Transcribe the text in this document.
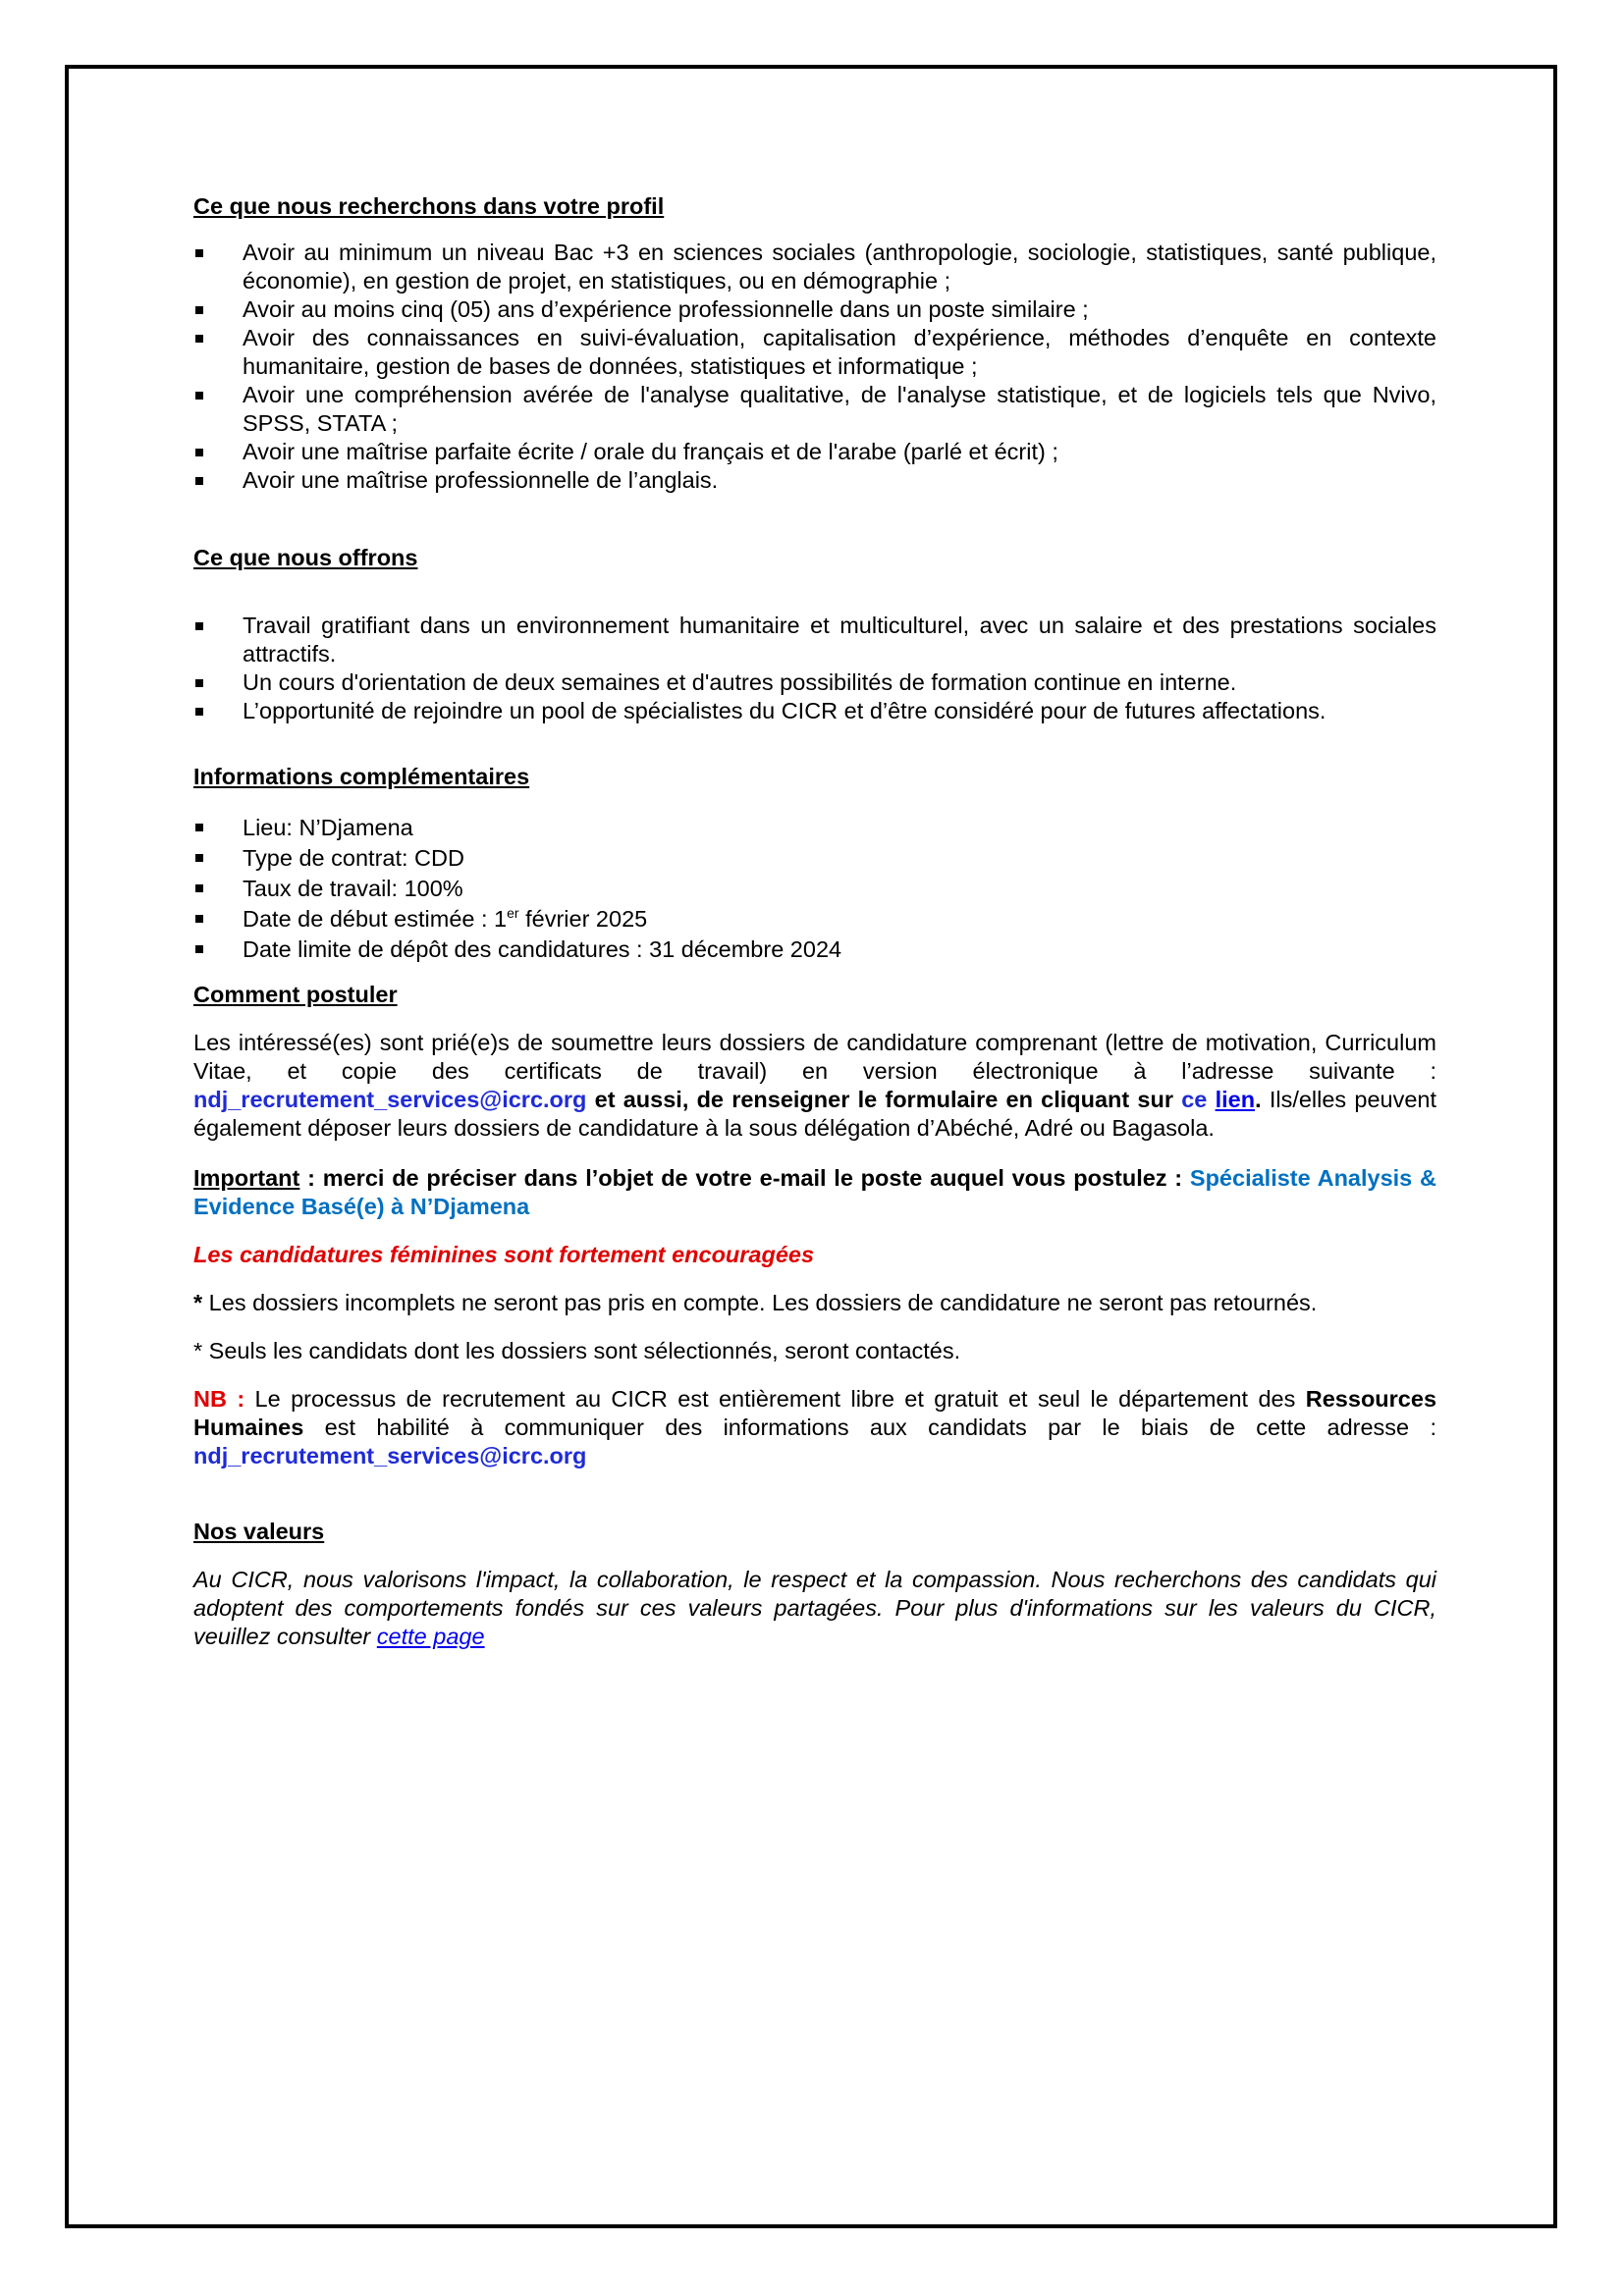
Ce que nous recherchons dans votre profil
Avoir au minimum un niveau Bac +3 en sciences sociales (anthropologie, sociologie, statistiques, santé publique, économie), en gestion de projet, en statistiques, ou en démographie ;
Avoir au moins cinq (05) ans d’expérience professionnelle dans un poste similaire ;
Avoir des connaissances en suivi-évaluation, capitalisation d’expérience, méthodes d’enquête en contexte humanitaire, gestion de bases de données, statistiques et informatique ;
Avoir une compréhension avérée de l'analyse qualitative, de l'analyse statistique, et de logiciels tels que Nvivo, SPSS, STATA ;
Avoir une maîtrise parfaite écrite / orale du français et de l'arabe (parlé et écrit) ;
Avoir une maîtrise professionnelle de l’anglais.
Ce que nous offrons
Travail gratifiant dans un environnement humanitaire et multiculturel, avec un salaire et des prestations sociales attractifs.
Un cours d'orientation de deux semaines et d'autres possibilités de formation continue en interne.
L’opportunité de rejoindre un pool de spécialistes du CICR et d’être considéré pour de futures affectations.
Informations complémentaires
Lieu: N’Djamena
Type de contrat: CDD
Taux de travail: 100%
Date de début estimée : 1er février 2025
Date limite de dépôt des candidatures : 31 décembre 2024
Comment postuler

Les intéressé(es) sont prié(e)s de soumettre leurs dossiers de candidature comprenant (lettre de motivation, Curriculum Vitae, et copie des certificats de travail) en version électronique à l’adresse suivante : ndj_recrutement_services@icrc.org et aussi, de renseigner le formulaire en cliquant sur ce lien. Ils/elles peuvent également déposer leurs dossiers de candidature à la sous délégation d’Abéché, Adré ou Bagasola.

Important : merci de préciser dans l’objet de votre e-mail le poste auquel vous postulez : Spécialiste Analysis & Evidence Basé(e) à N’Djamena

Les candidatures féminines sont fortement encouragées

* Les dossiers incomplets ne seront pas pris en compte. Les dossiers de candidature ne seront pas retournés.

* Seuls les candidats dont les dossiers sont sélectionnés, seront contactés.

NB : Le processus de recrutement au CICR est entièrement libre et gratuit et seul le département des Ressources Humaines est habilité à communiquer des informations aux candidats par le biais de cette adresse : ndj_recrutement_services@icrc.org

Nos valeurs

Au CICR, nous valorisons l'impact, la collaboration, le respect et la compassion. Nous recherchons des candidats qui adoptent des comportements fondés sur ces valeurs partagées. Pour plus d'informations sur les valeurs du CICR, veuillez consulter cette page
